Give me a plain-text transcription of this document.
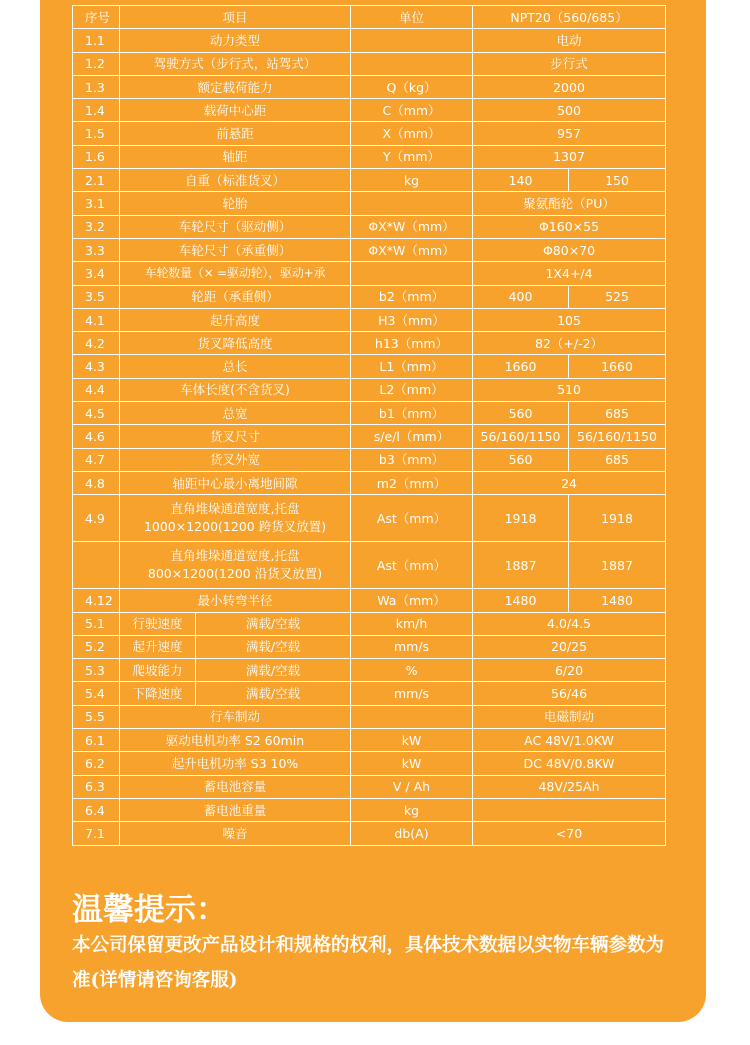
序号	项目		单位	NPT20（560/685）	
1.1	动力类型			电动	
1.2	驾驶方式（步行式，站驾式）			步行式	
1.3	额定载荷能力		Q（kg）	2000	
1.4	载荷中心距		C（mm）	500	
1.5	前悬距		X（mm）	957	
1.6	轴距		Y（mm）	1307	
2.1	自重（标准货叉）		kg	140	150
3.1	轮胎			聚氨酯轮（PU）	
3.2	车轮尺寸（驱动侧）		ΦX*W（mm）	Φ160×55	
3.3	车轮尺寸（承重侧）		ΦX*W（mm）	Φ80×70	
3.4	车轮数量（× =驱动轮），驱动+承			1X4+/4	
3.5	轮距（承重侧）		b2（mm）	400	525
4.1	起升高度		H3（mm）	105	
4.2	货叉降低高度		h13（mm）	82（+/-2）	
4.3	总长		L1（mm）	1660	1660
4.4	车体长度(不含货叉)		L2（mm）	510	
4.5	总宽		b1（mm）	560	685
4.6	货叉尺寸		s/e/l（mm）	56/160/1150	56/160/1150
4.7	货叉外宽		b3（mm）	560	685
4.8	轴距中心最小离地间隙		m2（mm）	24	
4.9	直角堆垛通道宽度,托盘
1000×1200(1200 跨货叉放置)		Ast（mm）	1918	1918

	直角堆垛通道宽度,托盘
800×1200(1200 沿货叉放置)		Ast（mm）	1887	1887
4.12	最小转弯半径		Wa（mm）	1480	1480
5.1	行驶速度	满载/空载	km/h	4.0/4.5	
5.2	起升速度	满载/空载	mm/s	20/25	
5.3	爬坡能力	满载/空载	%	6/20	
5.4	下降速度	满载/空载	mm/s	56/46	
5.5	行车制动			电磁制动	
6.1	驱动电机功率 S2 60min		kW	AC 48V/1.0KW	
6.2	起升电机功率 S3 10%		kW	DC 48V/0.8KW	
6.3	蓄电池容量		V / Ah	48V/25Ah	
6.4	蓄电池重量		kg		
7.1	噪音		db(A)	<70	
温馨提示：

本公司保留更改产品设计和规格的权利，具体技术数据以实物车辆参数为准(详情请咨询客服)
